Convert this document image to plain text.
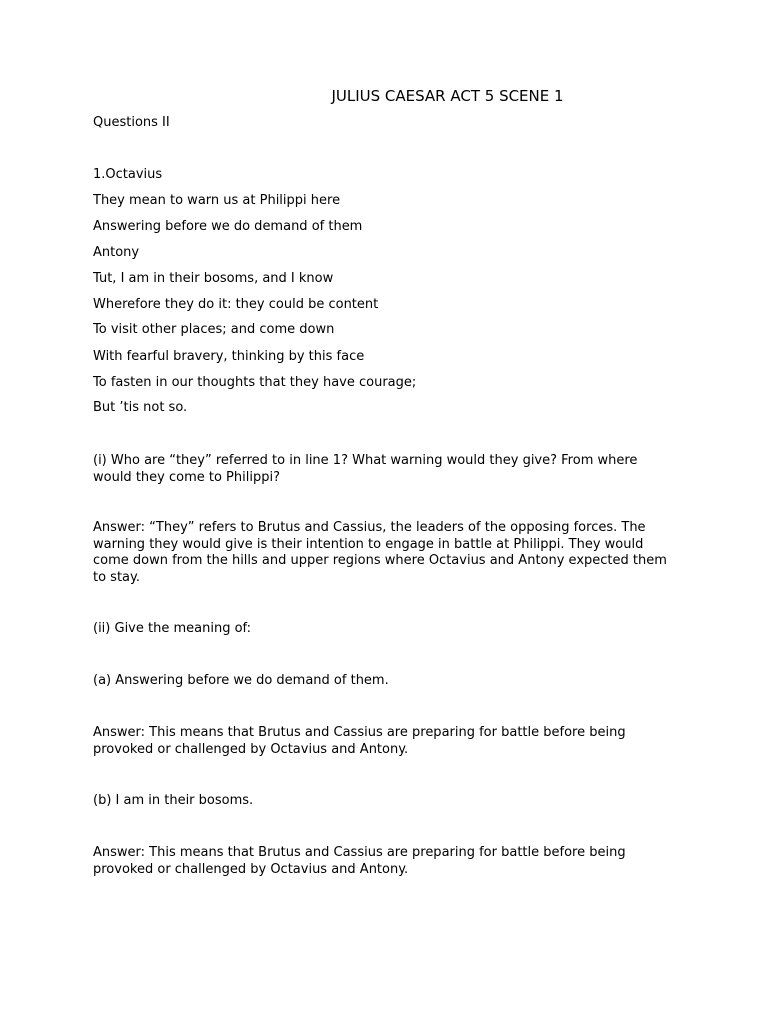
JULIUS CAESAR ACT 5 SCENE 1
Questions II
1.Octavius
They mean to warn us at Philippi here
Answering before we do demand of them
Antony
Tut, I am in their bosoms, and I know
Wherefore they do it: they could be content
To visit other places; and come down
With fearful bravery, thinking by this face
To fasten in our thoughts that they have courage;
But ’tis not so.
(i) Who are “they” referred to in line 1? What warning would they give? From where would they come to Philippi?
Answer: “They” refers to Brutus and Cassius, the leaders of the opposing forces. The warning they would give is their intention to engage in battle at Philippi. They would come down from the hills and upper regions where Octavius and Antony expected them to stay.
(ii) Give the meaning of:
(a) Answering before we do demand of them.
Answer: This means that Brutus and Cassius are preparing for battle before being provoked or challenged by Octavius and Antony.
(b) I am in their bosoms.
Answer: This means that Brutus and Cassius are preparing for battle before being provoked or challenged by Octavius and Antony.
